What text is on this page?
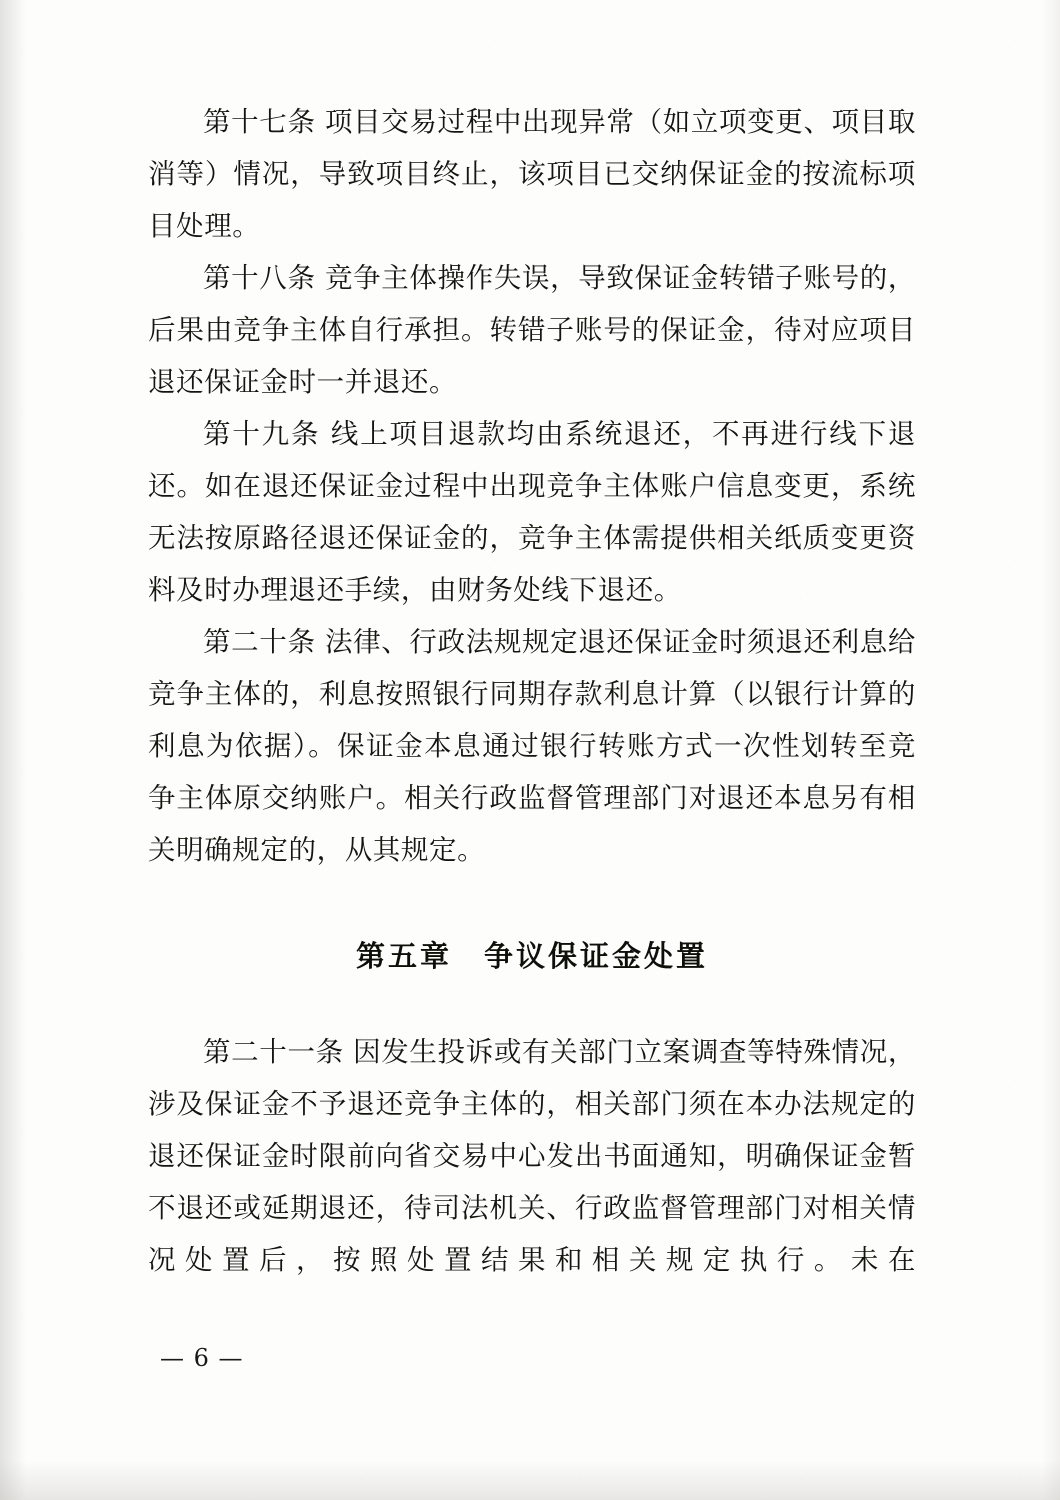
第十七条 项目交易过程中出现异常（如立项变更、项目取消等）情况，导致项目终止，该项目已交纳保证金的按流标项目处理。

第十八条 竞争主体操作失误，导致保证金转错子账号的，后果由竞争主体自行承担。转错子账号的保证金，待对应项目退还保证金时一并退还。

第十九条 线上项目退款均由系统退还，不再进行线下退还。如在退还保证金过程中出现竞争主体账户信息变更，系统无法按原路径退还保证金的，竞争主体需提供相关纸质变更资料及时办理退还手续，由财务处线下退还。

第二十条 法律、行政法规规定退还保证金时须退还利息给竞争主体的，利息按照银行同期存款利息计算（以银行计算的利息为依据）。保证金本息通过银行转账方式一次性划转至竞争主体原交纳账户。相关行政监督管理部门对退还本息另有相关明确规定的，从其规定。

第五章　争议保证金处置

第二十一条 因发生投诉或有关部门立案调查等特殊情况，涉及保证金不予退还竞争主体的，相关部门须在本办法规定的退还保证金时限前向省交易中心发出书面通知，明确保证金暂不退还或延期退还，待司法机关、行政监督管理部门对相关情况处置后，按照处置结果和相关规定执行。未在

— 6 —
